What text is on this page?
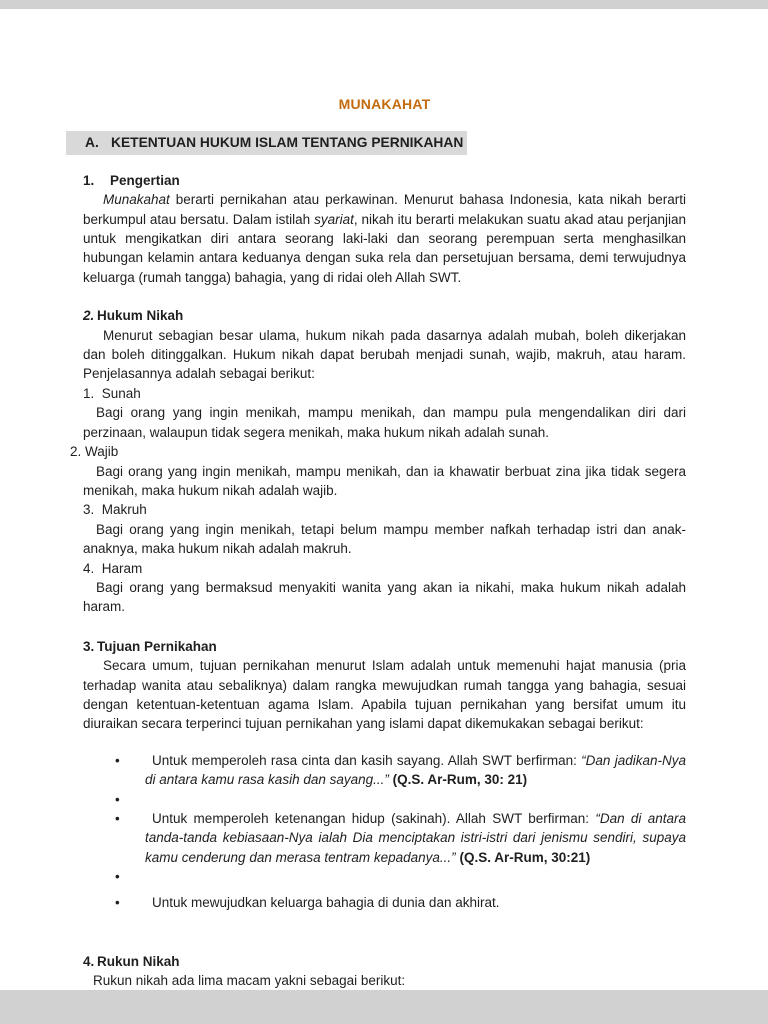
MUNAKAHAT
A. KETENTUAN HUKUM ISLAM TENTANG PERNIKAHAN
1. Pengertian

Munakahat berarti pernikahan atau perkawinan. Menurut bahasa Indonesia, kata nikah berarti berkumpul atau bersatu. Dalam istilah syariat, nikah itu berarti melakukan suatu akad atau perjanjian untuk mengikatkan diri antara seorang laki-laki dan seorang perempuan serta menghasilkan hubungan kelamin antara keduanya dengan suka rela dan persetujuan bersama, demi terwujudnya keluarga (rumah tangga) bahagia, yang di ridai oleh Allah SWT.

2. Hukum Nikah

Menurut sebagian besar ulama, hukum nikah pada dasarnya adalah mubah, boleh dikerjakan dan boleh ditinggalkan. Hukum nikah dapat berubah menjadi sunah, wajib, makruh, atau haram. Penjelasannya adalah sebagai berikut:

1.  Sunah

Bagi orang yang ingin menikah, mampu menikah, dan mampu pula mengendalikan diri dari perzinaan, walaupun tidak segera menikah, maka hukum nikah adalah sunah.

2. Wajib

Bagi orang yang ingin menikah, mampu menikah, dan ia khawatir berbuat zina jika tidak segera menikah, maka hukum nikah adalah wajib.

3.  Makruh

Bagi orang yang ingin menikah, tetapi belum mampu member nafkah terhadap istri dan anak-anaknya, maka hukum nikah adalah makruh.

4.  Haram

Bagi orang yang bermaksud menyakiti wanita yang akan ia nikahi, maka hukum nikah adalah haram.

3. Tujuan Pernikahan

Secara umum, tujuan pernikahan menurut Islam adalah untuk memenuhi hajat manusia (pria terhadap wanita atau sebaliknya) dalam rangka mewujudkan rumah tangga yang bahagia, sesuai dengan ketentuan-ketentuan agama Islam. Apabila tujuan pernikahan yang bersifat umum itu diuraikan secara terperinci tujuan pernikahan yang islami dapat dikemukakan sebagai berikut:

•	Untuk memperoleh rasa cinta dan kasih sayang. Allah SWT berfirman: “Dan jadikan-Nya di antara kamu rasa kasih dan sayang...” (Q.S. Ar-Rum, 30: 21)
•
•	Untuk memperoleh ketenangan hidup (sakinah). Allah SWT berfirman: “Dan di antara tanda-tanda kebiasaan-Nya ialah Dia menciptakan istri-istri dari jenismu sendiri, supaya kamu cenderung dan merasa tentram kepadanya...” (Q.S. Ar-Rum, 30:21)
•
•	Untuk mewujudkan keluarga bahagia di dunia dan akhirat.
4. Rukun Nikah

Rukun nikah ada lima macam yakni sebagai berikut:
